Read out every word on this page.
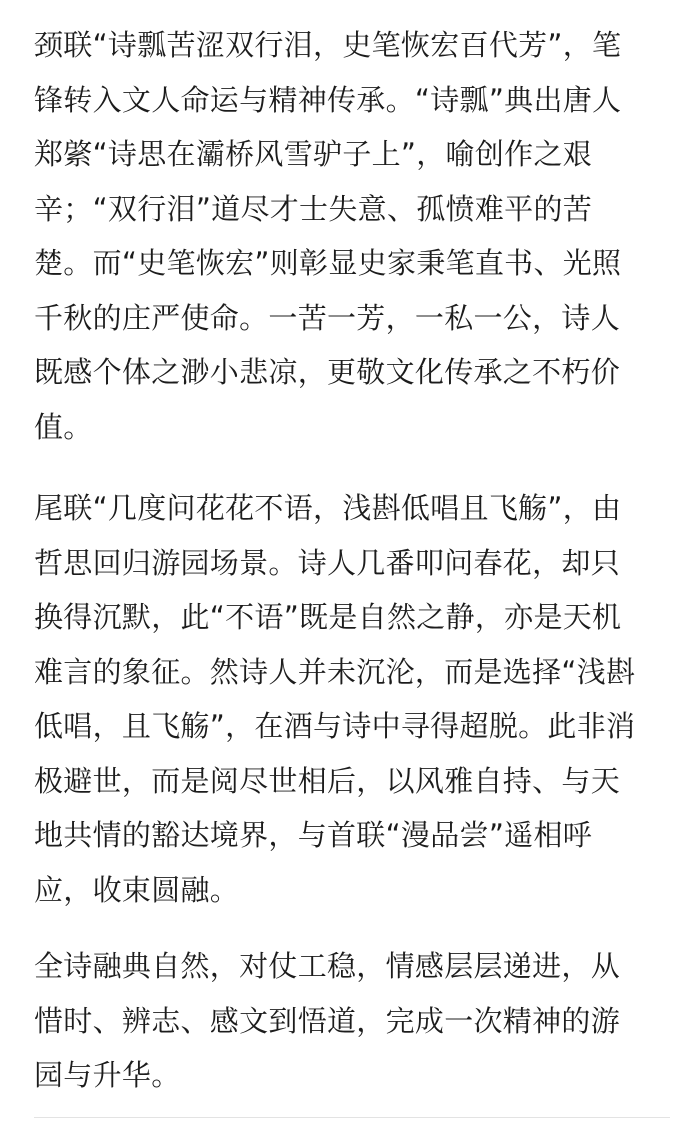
颈联“诗瓢苦涩双行泪，史笔恢宏百代芳”，笔
锋转入文人命运与精神传承。“诗瓢”典出唐人
郑綮“诗思在灞桥风雪驴子上”，喻创作之艰
辛；“双行泪”道尽才士失意、孤愤难平的苦
楚。而“史笔恢宏”则彰显史家秉笔直书、光照
千秋的庄严使命。一苦一芳，一私一公，诗人
既感个体之渺小悲凉，更敬文化传承之不朽价
值。

尾联“几度问花花不语，浅斟低唱且飞觞”，由
哲思回归游园场景。诗人几番叩问春花，却只
换得沉默，此“不语”既是自然之静，亦是天机
难言的象征。然诗人并未沉沦，而是选择“浅斟
低唱，且飞觞”，在酒与诗中寻得超脱。此非消
极避世，而是阅尽世相后，以风雅自持、与天
地共情的豁达境界，与首联“漫品尝”遥相呼
应，收束圆融。

全诗融典自然，对仗工稳，情感层层递进，从
惜时、辨志、感文到悟道，完成一次精神的游
园与升华。
